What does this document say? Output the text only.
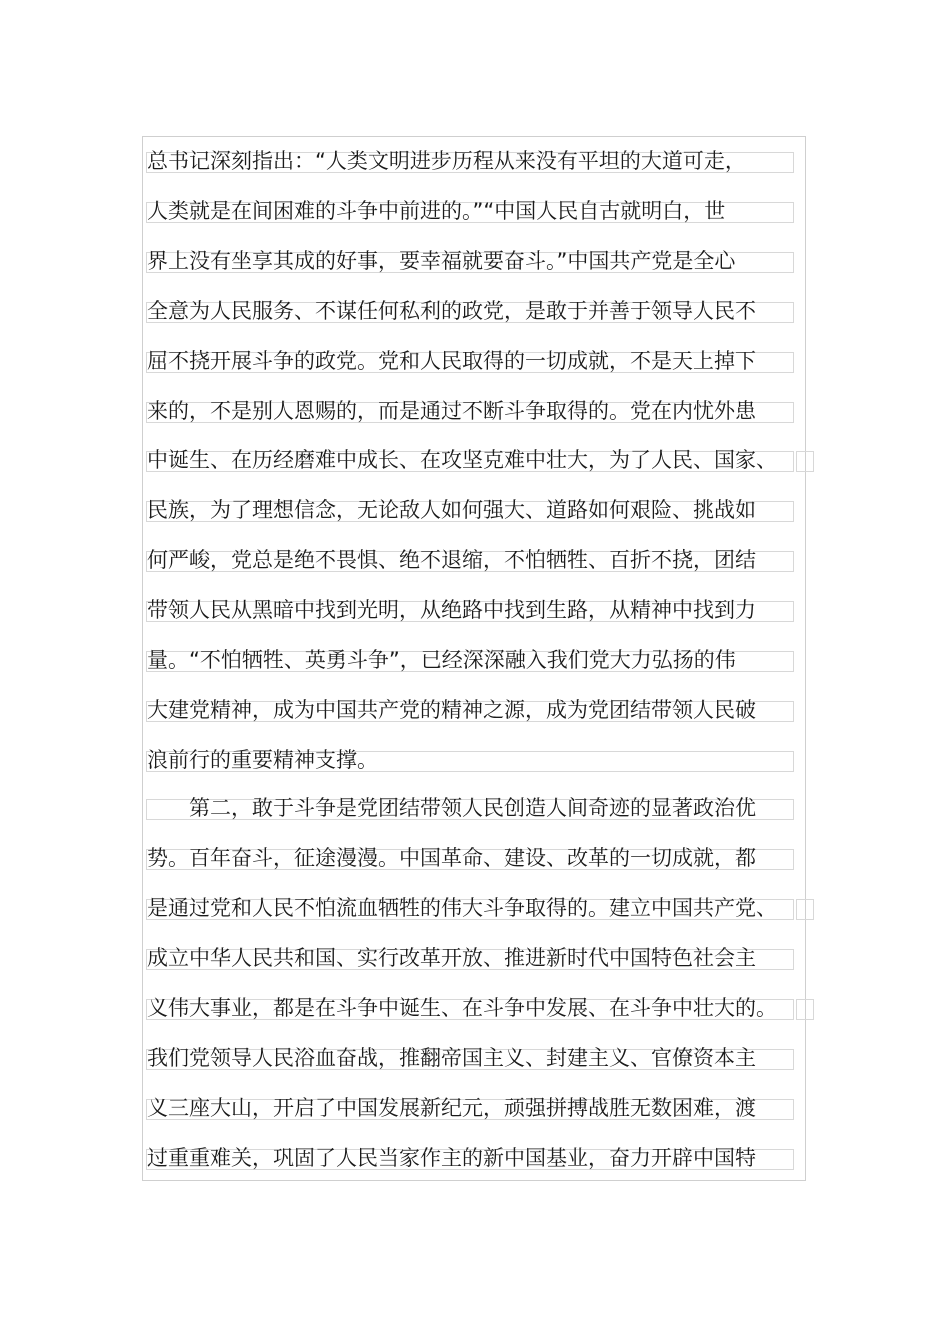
总书记深刻指出：“人类文明进步历程从来没有平坦的大道可走，
人类就是在间困难的斗争中前进的。”“中国人民自古就明白，世
界上没有坐享其成的好事，要幸福就要奋斗。”中国共产党是全心
全意为人民服务、不谋任何私利的政党，是敢于并善于领导人民不
屈不挠开展斗争的政党。党和人民取得的一切成就，不是天上掉下
来的，不是别人恩赐的，而是通过不断斗争取得的。党在内忧外患
中诞生、在历经磨难中成长、在攻坚克难中壮大，为了人民、国家、
民族，为了理想信念，无论敌人如何强大、道路如何艰险、挑战如
何严峻，党总是绝不畏惧、绝不退缩，不怕牺牲、百折不挠，团结
带领人民从黑暗中找到光明，从绝路中找到生路，从精神中找到力
量。“不怕牺牲、英勇斗争”，已经深深融入我们党大力弘扬的伟
大建党精神，成为中国共产党的精神之源，成为党团结带领人民破
浪前行的重要精神支撑。
　　第二，敢于斗争是党团结带领人民创造人间奇迹的显著政治优
势。百年奋斗，征途漫漫。中国革命、建设、改革的一切成就，都
是通过党和人民不怕流血牺牲的伟大斗争取得的。建立中国共产党、
成立中华人民共和国、实行改革开放、推进新时代中国特色社会主
义伟大事业，都是在斗争中诞生、在斗争中发展、在斗争中壮大的。
我们党领导人民浴血奋战，推翻帝国主义、封建主义、官僚资本主
义三座大山，开启了中国发展新纪元，顽强拼搏战胜无数困难，渡
过重重难关，巩固了人民当家作主的新中国基业，奋力开辟中国特
